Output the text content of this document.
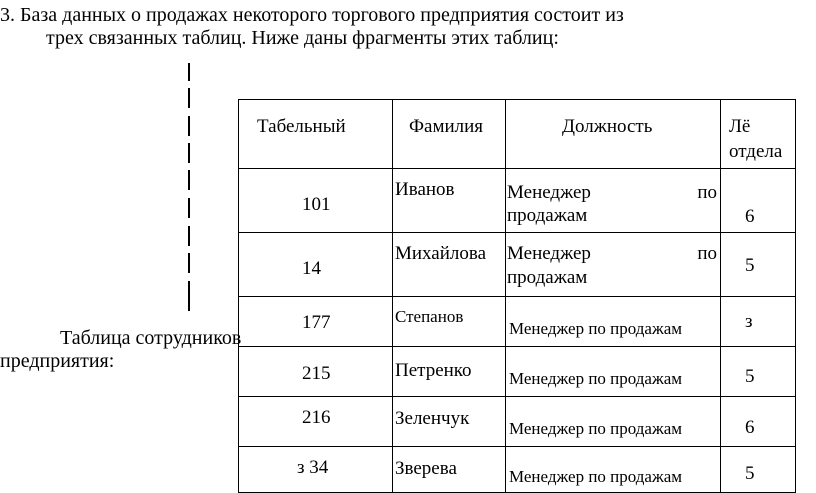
3. База данных о продажах некоторого торгового предприятия состоит из
трех связанных таблиц. Ниже даны фрагменты этих таблиц:
Таблица сотрудников
предприятия:
Табельный	Фамилия	Должность	Лё
отдела

101	Иванов	Менеджер по
продажам	6

14	Михайлова	Менеджер по
продажам	5

177	Степанов	Менеджер по продажам	з

215	Петренко	Менеджер по продажам	5

216	Зеленчук	Менеджер по продажам	6

з 34	Зверева	Менеджер по продажам	5
